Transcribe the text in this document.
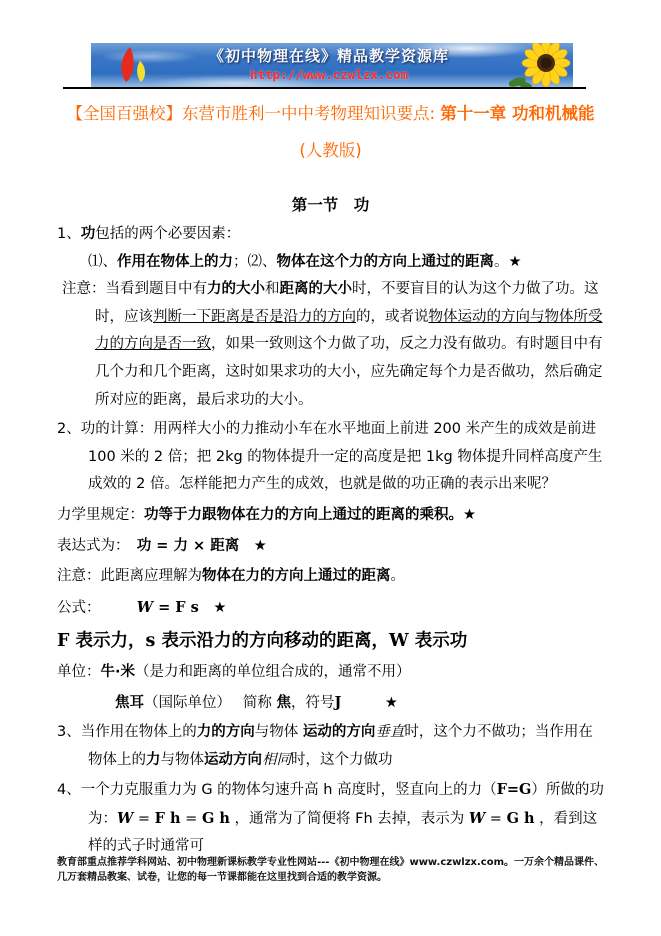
《初中物理在线》精品教学资源库
http://www.czwlzx.com
【全国百强校】东营市胜利一中中考物理知识要点: 第十一章 功和机械能(人教版)
第一节　功
1、功包括的两个必要因素：
⑴、作用在物体上的力；⑵、物体在这个力的方向上通过的距离。★
注意：当看到题目中有力的大小和距离的大小时，不要盲目的认为这个力做了功。这时，应该判断一下距离是否是沿力的方向的，或者说物体运动的方向与物体所受力的方向是否一致，如果一致则这个力做了功，反之力没有做功。有时题目中有几个力和几个距离，这时如果求功的大小，应先确定每个力是否做功，然后确定所对应的距离，最后求功的大小。
2、功的计算：用两样大小的力推动小车在水平地面上前进 200 米产生的成效是前进 100 米的 2 倍；把 2kg 的物体提升一定的高度是把 1kg 物体提升同样高度产生成效的 2 倍。怎样能把力产生的成效，也就是做的功正确的表示出来呢？
力学里规定：功等于力跟物体在力的方向上通过的距离的乘积。★
表达式为：　功 = 力 × 距离　 ★
注意：此距离应理解为物体在力的方向上通过的距离。
公式：　　　W = F s　 ★
F 表示力，s 表示沿力的方向移动的距离，W 表示功
单位：牛·米（是力和距离的单位组合成的，通常不用）
焦耳（国际单位）　 简称 焦，符号J　　　	★
3、当作用在物体上的力的方向与物体 运动的方向垂直时，这个力不做功；当作用在物体上的力与物体运动方向相同时，这个力做功
4、一个力克服重力为 G 的物体匀速升高 h 高度时，竖直向上的力（F=G）所做的功为：W = F h = G h ，通常为了简便将 Fh 去掉，表示为 W = G h ，看到这样的式子时通常可
教育部重点推荐学科网站、初中物理新课标教学专业性网站---《初中物理在线》www.czwlzx.com。一万余个精品课件、
几万套精品教案、试卷，让您的每一节课都能在这里找到合适的教学资源。
